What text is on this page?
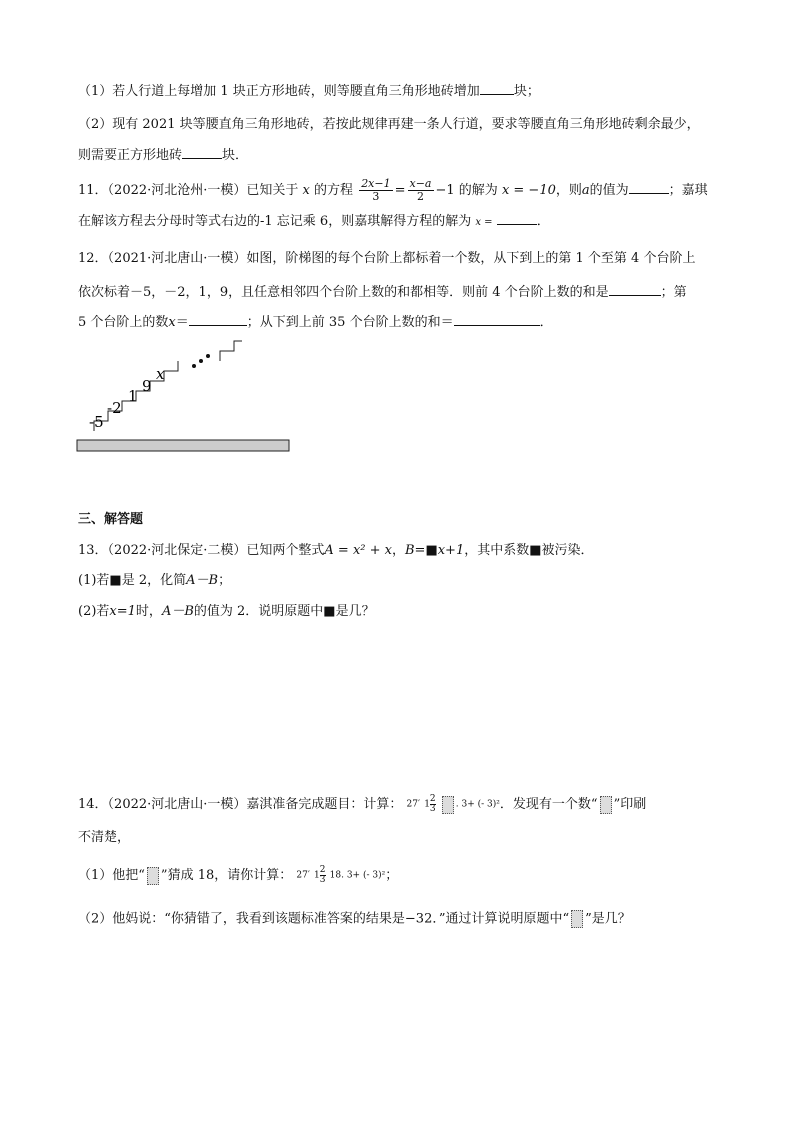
（1）若人行道上每增加 1 块正方形地砖，则等腰直角三角形地砖增加	块；
（2）现有 2021 块等腰直角三角形地砖，若按此规律再建一条人行道，要求等腰直角三角形地砖剩余最少，
则需要正方形地砖	块．
11．（2022·河北沧州·一模）已知关于 x 的方程 $\frac{2x-1}{3} = \frac{x-a}{2} -1$ 的解为 x = −10，则a的值为	；嘉琪
在解该方程去分母时等式右边的-1 忘记乘 6，则嘉琪解得方程的解为 x =	．
12．（2021·河北唐山·一模）如图，阶梯图的每个台阶上都标着一个数，从下到上的第 1 个至第 4 个台阶上
依次标着－5，－2，1，9，且任意相邻四个台阶上数的和都相等．则前 4 个台阶上数的和是	；第
5 个台阶上的数x＝	；从下到上前 35 个台阶上数的和＝	．
-5
-2
1
9
x
三、解答题
13．（2022·河北保定·二模）已知两个整式A = x² + x，B=■x+1，其中系数■被污染．
(1)若■是 2，化简A－B；
(2)若x=1时，A－B的值为 2．说明原题中■是几？
14．（2022·河北唐山·一模）嘉淇准备完成题目：计算： 27′ $1 \frac{2}{3}$ . 3+ (- 3)²．发现有一个数“ ”印刷
不清楚，
（1）他把“ ”猜成 18，请你计算： 27′ $1 \frac{2}{3} 18$. 3+ (- 3)²；
（2）他妈说：“你猜错了，我看到该题标准答案的结果是−32．”通过计算说明原题中“ ”是几？
